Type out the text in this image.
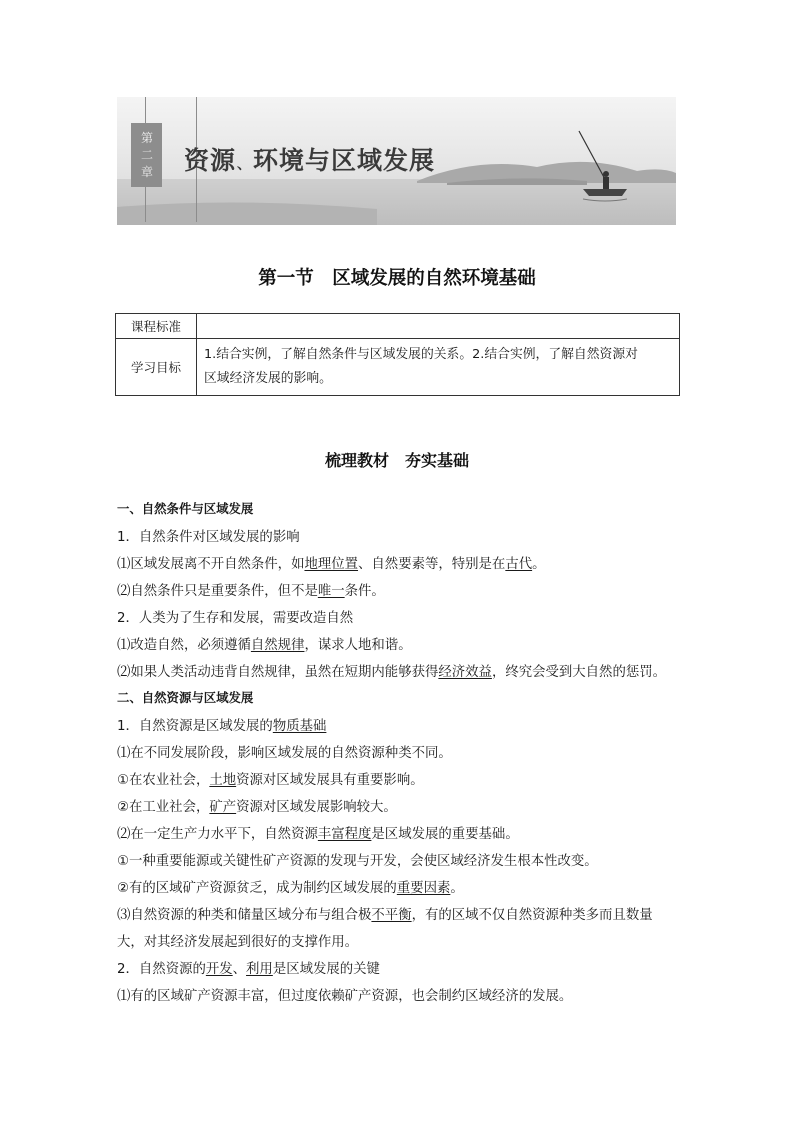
第
二
章 资源、环境与区域发展
第一节　区域发展的自然环境基础
课程标准	
学习目标	1.结合实例，了解自然条件与区域发展的关系。2.结合实例，了解自然资源对
区域经济发展的影响。
梳理教材　夯实基础
一、自然条件与区域发展
1．自然条件对区域发展的影响
⑴区域发展离不开自然条件，如地理位置、自然要素等，特别是在古代。
⑵自然条件只是重要条件，但不是唯一条件。
2．人类为了生存和发展，需要改造自然
⑴改造自然，必须遵循自然规律，谋求人地和谐。
⑵如果人类活动违背自然规律，虽然在短期内能够获得经济效益，终究会受到大自然的惩罚。
二、自然资源与区域发展
1．自然资源是区域发展的物质基础
⑴在不同发展阶段，影响区域发展的自然资源种类不同。
①在农业社会，土地资源对区域发展具有重要影响。
②在工业社会，矿产资源对区域发展影响较大。
⑵在一定生产力水平下，自然资源丰富程度是区域发展的重要基础。
①一种重要能源或关键性矿产资源的发现与开发，会使区域经济发生根本性改变。
②有的区域矿产资源贫乏，成为制约区域发展的重要因素。
⑶自然资源的种类和储量区域分布与组合极不平衡，有的区域不仅自然资源种类多而且数量
大，对其经济发展起到很好的支撑作用。
2．自然资源的开发、利用是区域发展的关键
⑴有的区域矿产资源丰富，但过度依赖矿产资源，也会制约区域经济的发展。
